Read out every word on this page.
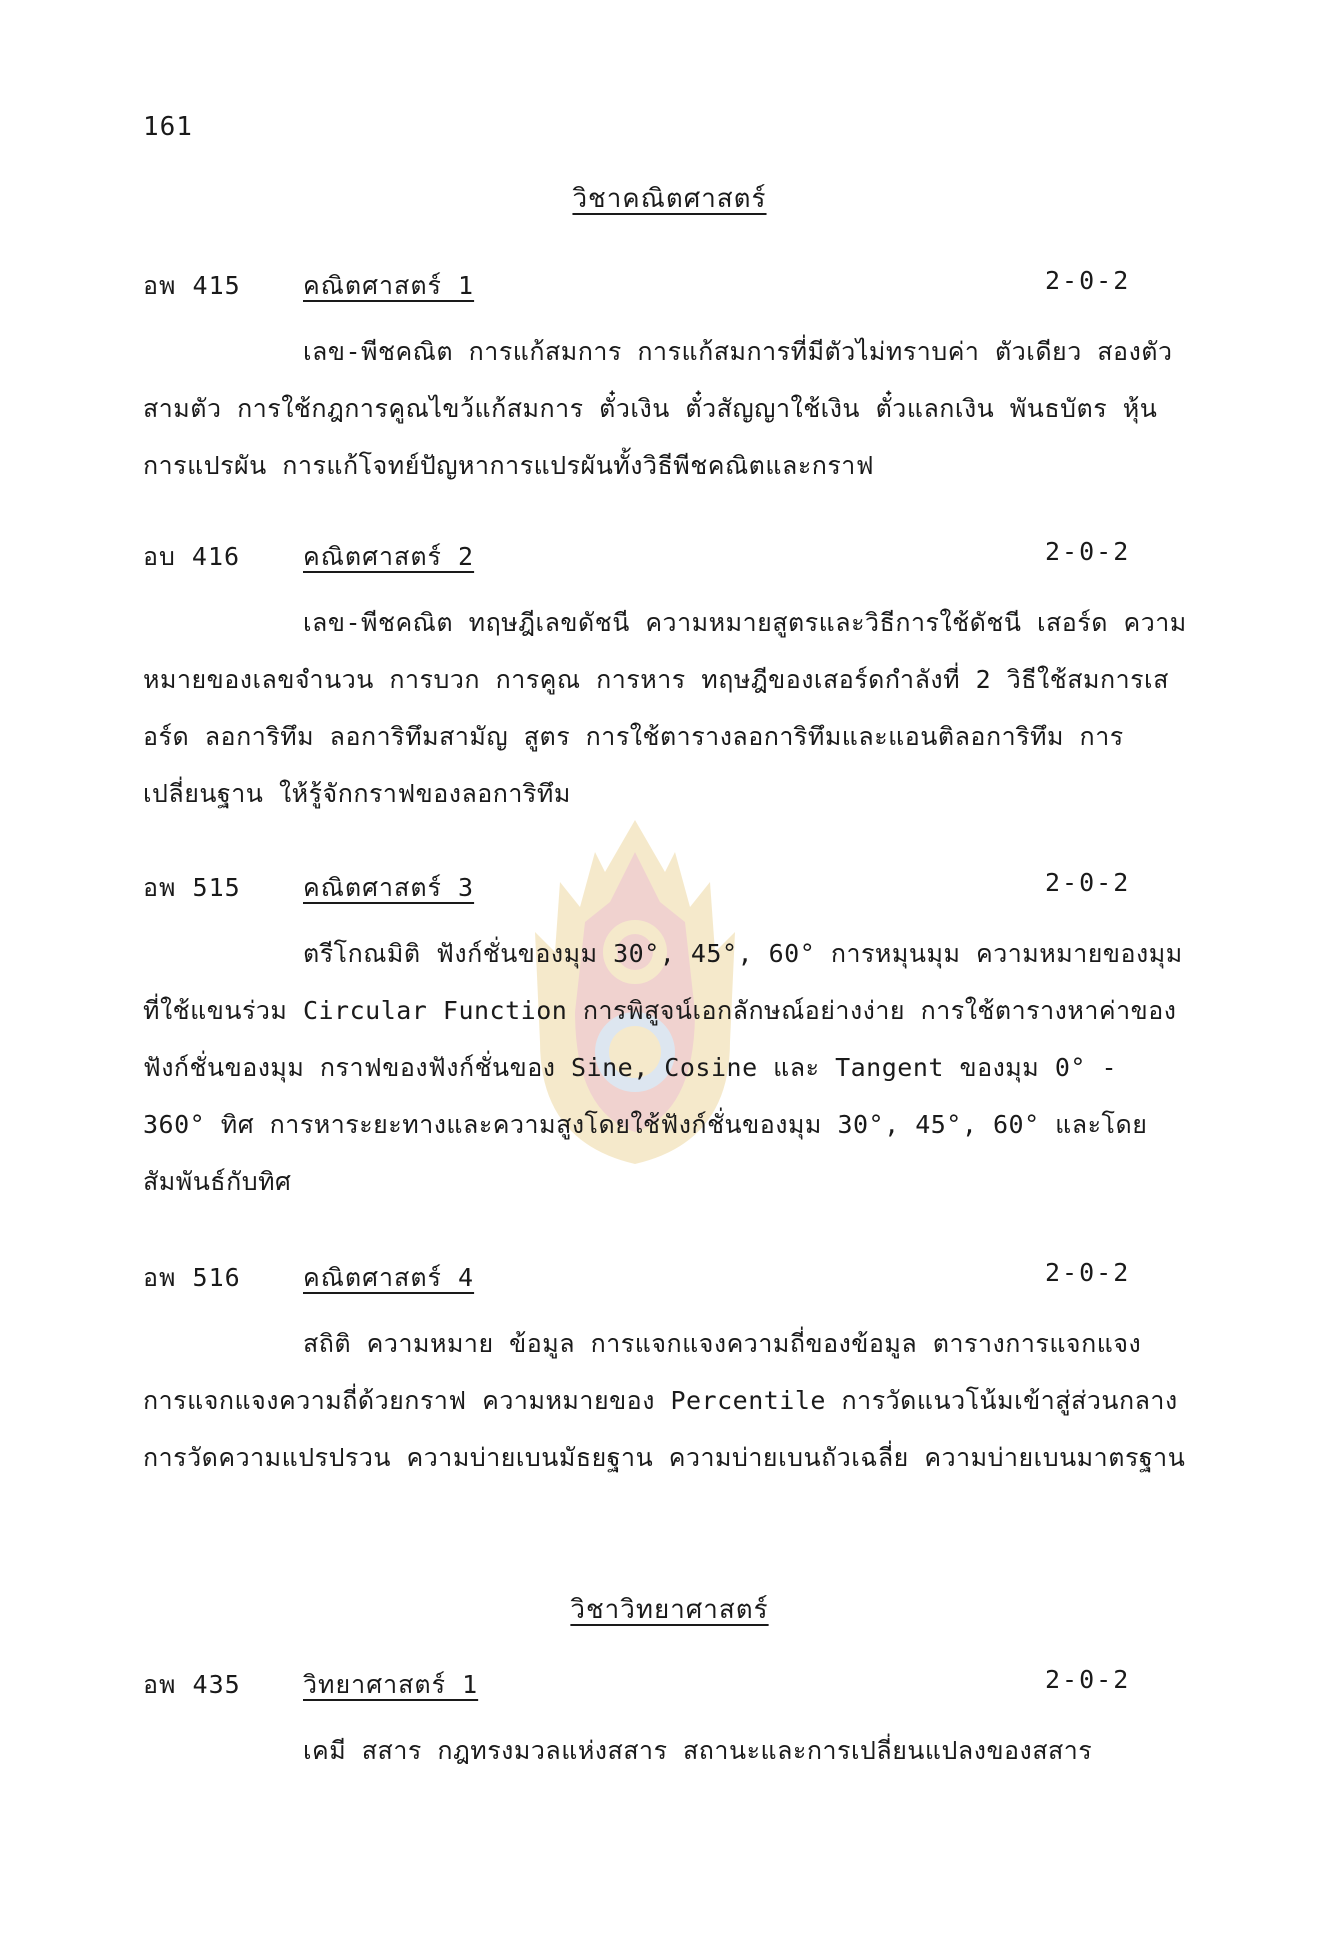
161
วิชาคณิตศาสตร์
อพ 415 คณิตศาสตร์ 1	2-0-2
เลข-พีชคณิต การแก้สมการ การแก้สมการที่มีตัวไม่ทราบค่า ตัวเดียว สองตัว สามตัว การใช้กฎการคูณไขว้แก้สมการ ตั๋วเงิน ตั๋วสัญญาใช้เงิน ตั๋วแลกเงิน พันธบัตร หุ้น การแปรผัน การแก้โจทย์ปัญหาการแปรผันทั้งวิธีพีชคณิตและกราฟ
อบ 416	คณิตศาสตร์ 2	2-0-2
เลข-พีชคณิต ทฤษฎีเลขดัชนี ความหมายสูตรและวิธีการใช้ดัชนี เสอร์ด ความหมายของเลขจำนวน การบวก การคูณ การหาร ทฤษฎีของเสอร์ดกำลังที่ 2 วิธีใช้สมการเสอร์ด ลอการิทึม ลอการิทึมสามัญ สูตร การใช้ตารางลอการิทึมและแอนติลอการิทึม การเปลี่ยนฐาน ให้รู้จักกราฟของลอการิทึม
อพ 515 คณิตศาสตร์ 3	2-0-2
ตรีโกณมิติ ฟังก์ชั่นของมุม 30°, 45°, 60° การหมุนมุม ความหมายของมุมที่ใช้แขนร่วม Circular Function การพิสูจน์เอกลักษณ์อย่างง่าย การใช้ตารางหาค่าของฟังก์ชั่นของมุม กราฟของฟังก์ชั่นของ Sine, Cosine และ Tangent ของมุม 0° - 360° ทิศ การหาระยะทางและความสูงโดยใช้ฟังก์ชั่นของมุม 30°, 45°, 60° และโดยสัมพันธ์กับทิศ
อพ 516 คณิตศาสตร์ 4	2-0-2
สถิติ ความหมาย ข้อมูล การแจกแจงความถี่ของข้อมูล ตารางการแจกแจง การแจกแจงความถี่ด้วยกราฟ ความหมายของ Percentile การวัดแนวโน้มเข้าสู่ส่วนกลาง การวัดความแปรปรวน ความบ่ายเบนมัธยฐาน ความบ่ายเบนถัวเฉลี่ย ความบ่ายเบนมาตรฐาน
วิชาวิทยาศาสตร์
อพ 435 วิทยาศาสตร์ 1	2-0-2
เคมี สสาร กฎทรงมวลแห่งสสาร สถานะและการเปลี่ยนแปลงของสสาร
